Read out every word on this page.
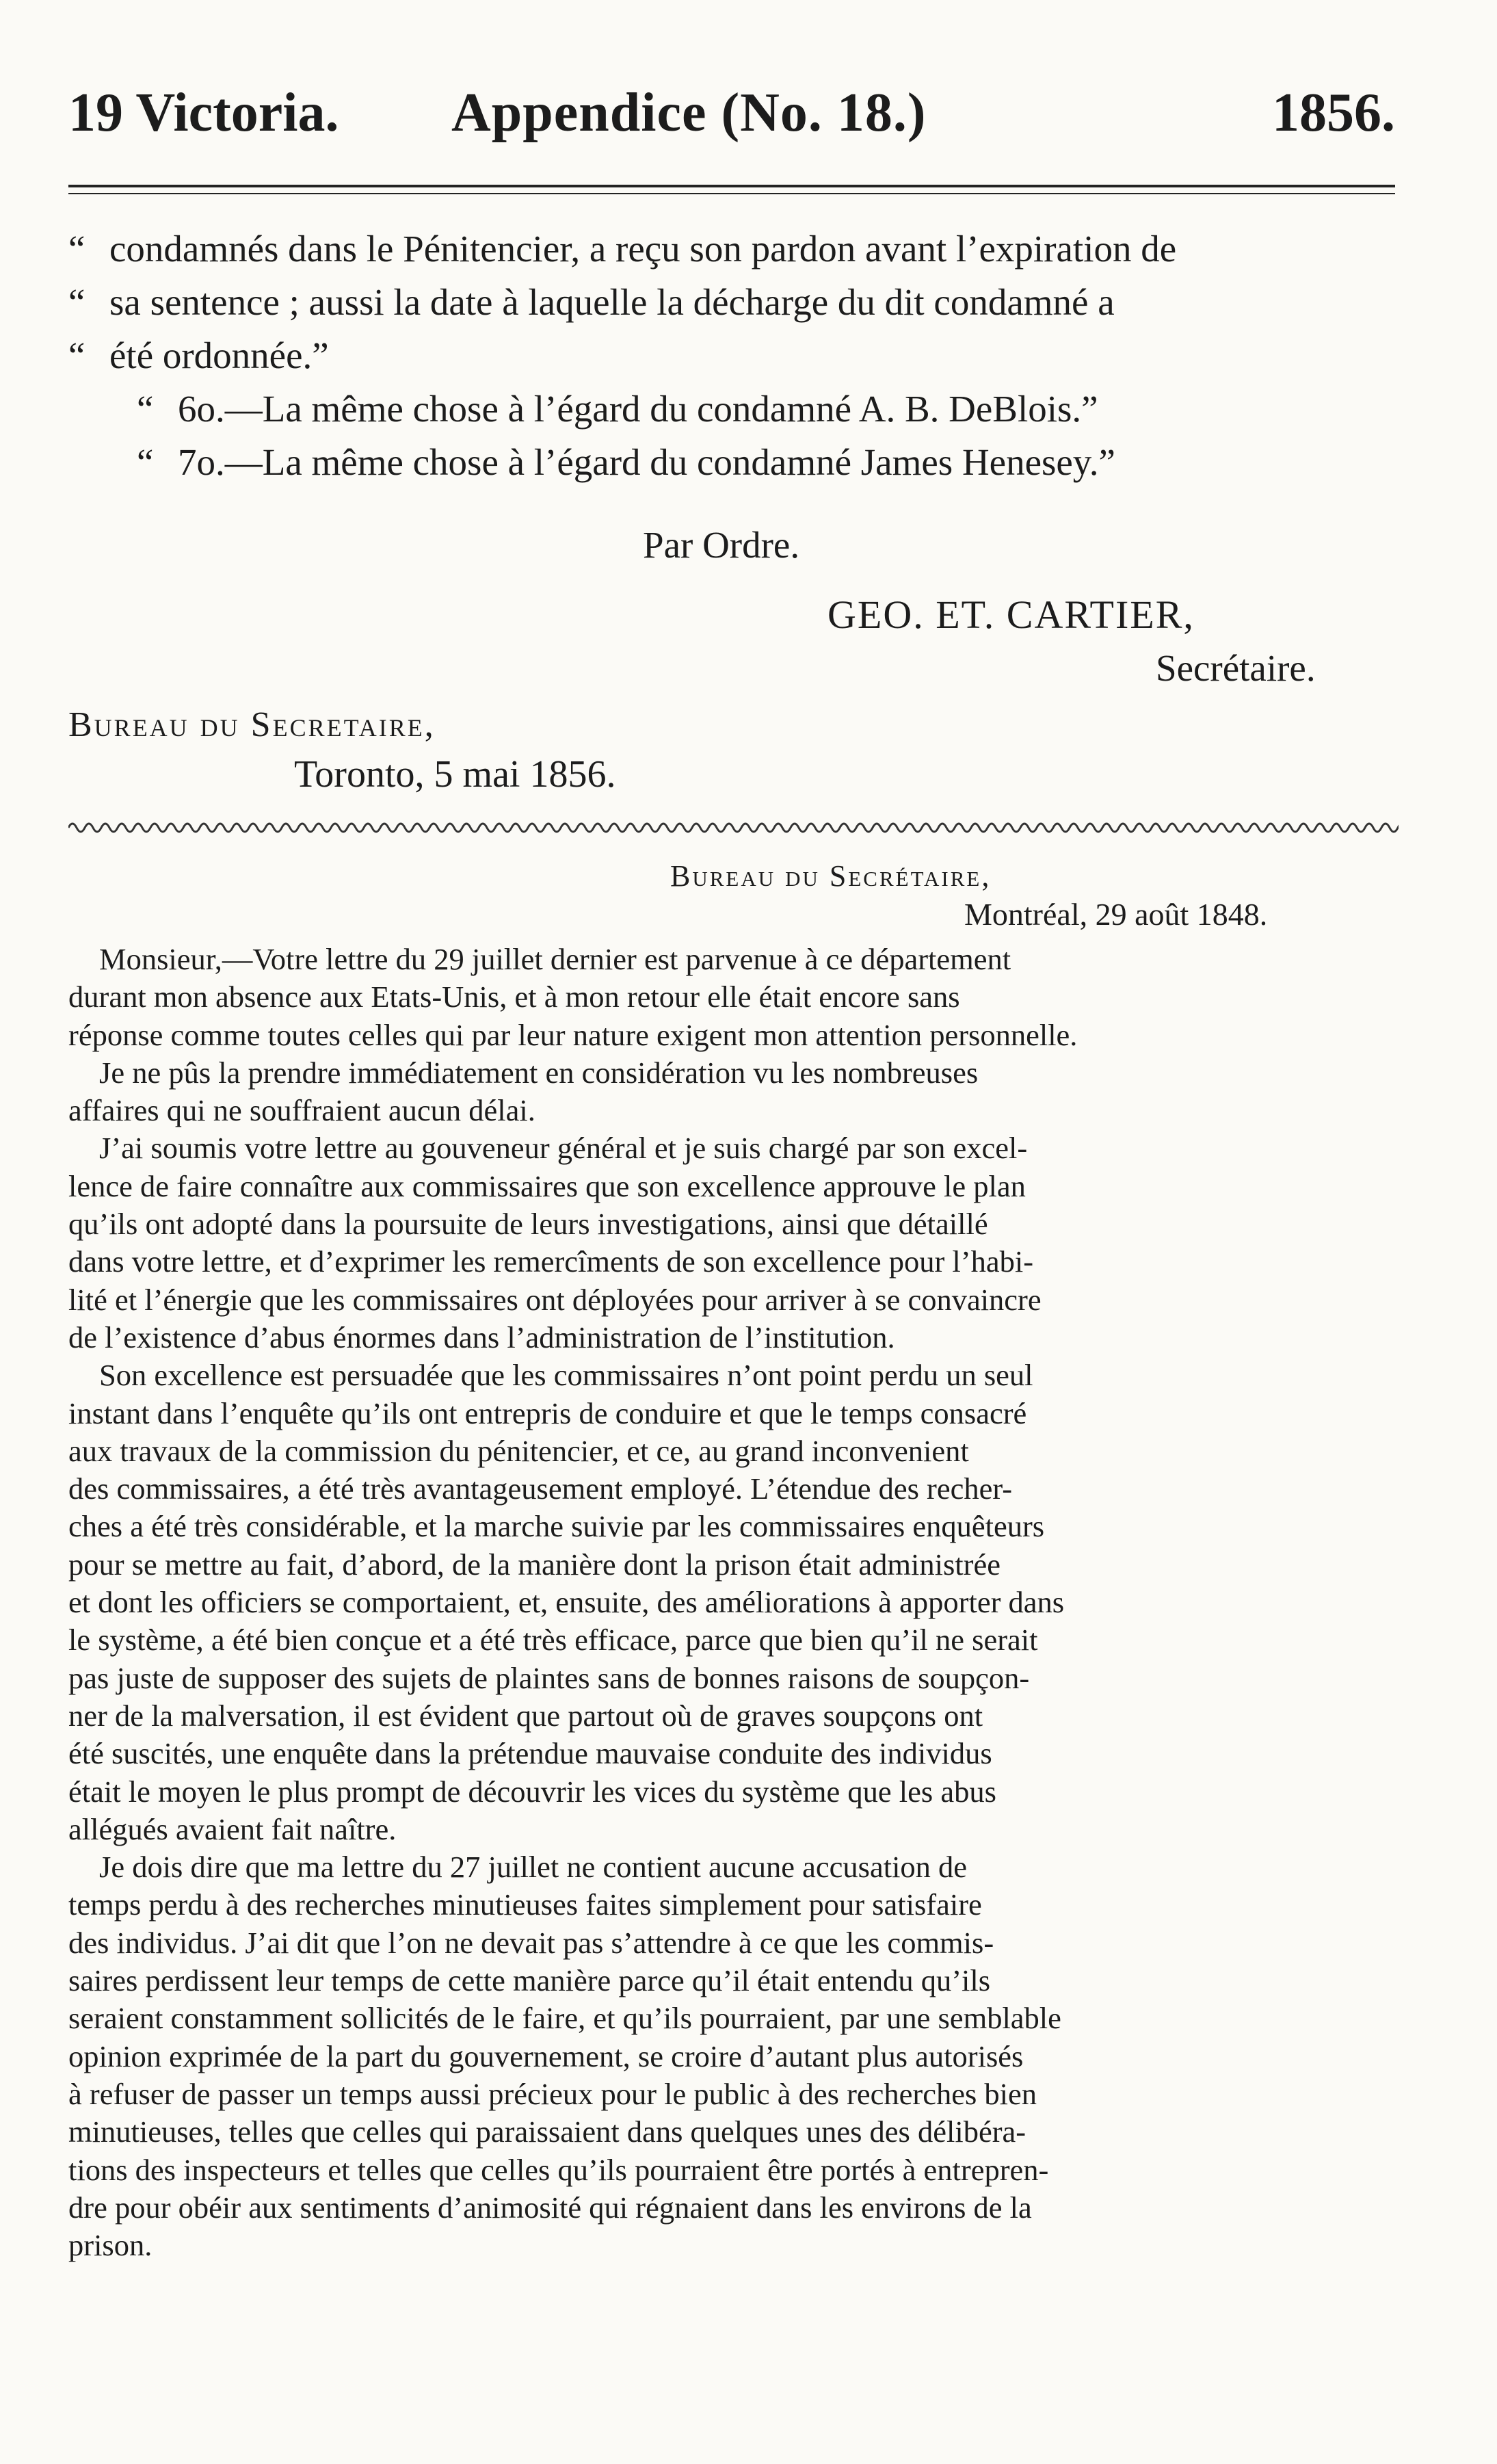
19 Victoria. Appendice (No. 18.)	1856.
“ condamnés dans le Pénitencier, a reçu son pardon avant l’expiration de
“ sa sentence ; aussi la date à laquelle la décharge du dit condamné a
“ été ordonnée.”
“ 6o.—La même chose à l’égard du condamné A. B. DeBlois.”
“ 7o.—La même chose à l’égard du condamné James Henesey.”
Par Ordre.
GEO. ET. CARTIER,
Secrétaire.
Bureau du Secretaire,
Toronto, 5 mai 1856.
Bureau du Secrétaire,
Montréal, 29 août 1848.

Monsieur,—Votre lettre du 29 juillet dernier est parvenue à ce département

durant mon absence aux Etats-Unis, et à mon retour elle était encore sans

réponse comme toutes celles qui par leur nature exigent mon attention personnelle.

Je ne pûs la prendre immédiatement en considération vu les nombreuses

affaires qui ne souffraient aucun délai.

J’ai soumis votre lettre au gouveneur général et je suis chargé par son excel-

lence de faire connaître aux commissaires que son excellence approuve le plan

qu’ils ont adopté dans la poursuite de leurs investigations, ainsi que détaillé

dans votre lettre, et d’exprimer les remercîments de son excellence pour l’habi-

lité et l’énergie que les commissaires ont déployées pour arriver à se convaincre

de l’existence d’abus énormes dans l’administration de l’institution.

Son excellence est persuadée que les commissaires n’ont point perdu un seul

instant dans l’enquête qu’ils ont entrepris de conduire et que le temps consacré

aux travaux de la commission du pénitencier, et ce, au grand inconvenient

des commissaires, a été très avantageusement employé. L’étendue des recher-

ches a été très considérable, et la marche suivie par les commissaires enquêteurs

pour se mettre au fait, d’abord, de la manière dont la prison était administrée

et dont les officiers se comportaient, et, ensuite, des améliorations à apporter dans

le système, a été bien conçue et a été très efficace, parce que bien qu’il ne serait

pas juste de supposer des sujets de plaintes sans de bonnes raisons de soupçon-

ner de la malversation, il est évident que partout où de graves soupçons ont

été suscités, une enquête dans la prétendue mauvaise conduite des individus

était le moyen le plus prompt de découvrir les vices du système que les abus

allégués avaient fait naître.

Je dois dire que ma lettre du 27 juillet ne contient aucune accusation de

temps perdu à des recherches minutieuses faites simplement pour satisfaire

des individus. J’ai dit que l’on ne devait pas s’attendre à ce que les commis-

saires perdissent leur temps de cette manière parce qu’il était entendu qu’ils

seraient constamment sollicités de le faire, et qu’ils pourraient, par une semblable

opinion exprimée de la part du gouvernement, se croire d’autant plus autorisés

à refuser de passer un temps aussi précieux pour le public à des recherches bien

minutieuses, telles que celles qui paraissaient dans quelques unes des délibéra-

tions des inspecteurs et telles que celles qu’ils pourraient être portés à entrepren-

dre pour obéir aux sentiments d’animosité qui régnaient dans les environs de la

prison.
